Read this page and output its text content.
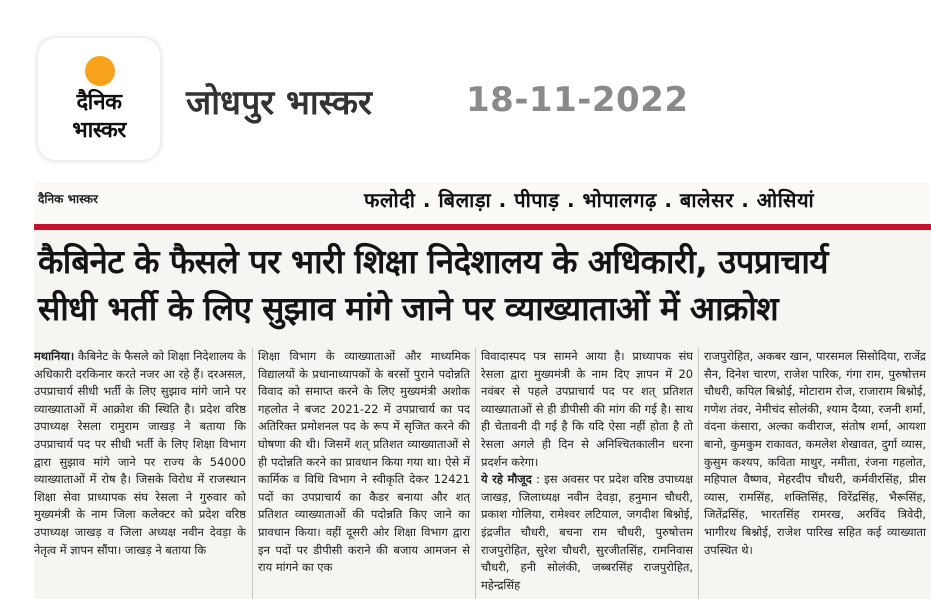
दैनिक
भास्कर
जोधपुर भास्कर	18-11-2022
दैनिक भास्कर	फलोदी . बिलाड़ा . पीपाड़ . भोपालगढ़ . बालेसर . ओसियां
कैबिनेट के फैसले पर भारी शिक्षा निदेशालय के अधिकारी, उपप्राचार्य
सीधी भर्ती के लिए सुझाव मांगे जाने पर व्याख्याताओं में आक्रोश
मथानिया। कैबिनेट के फैसले को शिक्षा निदेशालय के अधिकारी दरकिनार करते नजर आ रहे हैं। दरअसल, उपप्राचार्य सीधी भर्ती के लिए सुझाव मांगे जाने पर व्याख्याताओं में आक्रोश की स्थिति है। प्रदेश वरिष्ठ उपाध्यक्ष रेसला रामुराम जाखड़ ने बताया कि उपप्राचार्य पद पर सीधी भर्ती के लिए शिक्षा विभाग द्वारा सुझाव मांगे जाने पर राज्य के 54000 व्याख्याताओं में रोष है। जिसके विरोध में राजस्थान शिक्षा सेवा प्राध्यापक संघ रेसला ने गुरुवार को मुख्यमंत्री के नाम जिला कलेक्टर को प्रदेश वरिष्ठ उपाध्यक्ष जाखड़ व जिला अध्यक्ष नवीन देवड़ा के नेतृत्व में ज्ञापन सौंपा। जाखड़ ने बताया कि
शिक्षा विभाग के व्याख्याताओं और माध्यमिक विद्यालयों के प्रधानाध्यापकों के बरसों पुराने पदोन्नति विवाद को समाप्त करने के लिए मुख्यमंत्री अशोक गहलोत ने बजट 2021-22 में उपप्राचार्य का पद अतिरिक्त प्रमोशनल पद के रूप में सृजित करने की घोषणा की थी। जिसमें शत् प्रतिशत व्याख्याताओं से ही पदोन्नति करने का प्रावधान किया गया था। ऐसे में कार्मिक व विधि विभाग ने स्वीकृति देकर 12421 पदों का उपप्राचार्य का कैडर बनाया और शत् प्रतिशत व्याख्याताओं की पदोन्नति किए जाने का प्रावधान किया। वहीं दूसरी ओर शिक्षा विभाग द्वारा इन पदों पर डीपीसी कराने की बजाय आमजन से राय मांगने का एक
विवादास्पद पत्र सामने आया है। प्राध्यापक संघ रेसला द्वारा मुख्यमंत्री के नाम दिए ज्ञापन में 20 नवंबर से पहले उपप्राचार्य पद पर शत् प्रतिशत व्याख्याताओं से ही डीपीसी की मांग की गई है। साथ ही चेतावनी दी गई है कि यदि ऐसा नहीं होता है तो रेसला अगले ही दिन से अनिश्चितकालीन धरना प्रदर्शन करेगा।
ये रहे मौजूद : इस अवसर पर प्रदेश वरिष्ठ उपाध्यक्ष जाखड़, जिलाध्यक्ष नवीन देवड़ा, हनुमान चौधरी, प्रकाश गोलिया, रामेश्वर लटियाल, जगदीश बिश्नोई, इंद्रजीत चौधरी, बचना राम चौधरी, पुरुषोत्तम राजपुरोहित, सुरेश चौधरी, सुरजीतसिंह, रामनिवास चौधरी, हनी सोलंकी, जब्बरसिंह राजपुरोहित, महेन्द्रसिंह
राजपुरोहित, अकबर खान, पारसमल सिसोदिया, राजेंद्र सैन, दिनेश चारण, राजेश पारिक, गंगा राम, पुरुषोत्तम चौधरी, कपिल बिश्नोई, मोटाराम रोज, राजाराम बिश्नोई, गणेश तंवर, नेमीचंद सोलंकी, श्याम दैय्या, रजनी शर्मा, वंदना कंसारा, अल्का कवीराज, संतोष शर्मा, आयशा बानो, कुमकुम राकावत, कमलेश शेखावत, दुर्गा व्यास, कुसुम कश्यप, कविता माथुर, नमीता, रंजना गहलोत, महिपाल वैष्णव, मेहरदीप चौधरी, कर्मवीरसिंह, प्रीस व्यास, रामसिंह, शक्तिसिंह, विरेंद्रसिंह, भैरूसिंह, जितेंद्रसिंह, भारतसिंह रामरख, अरविंद त्रिवेदी, भागीरथ बिश्नोई, राजेश पारिख सहित कई व्याख्याता उपस्थित थे।
